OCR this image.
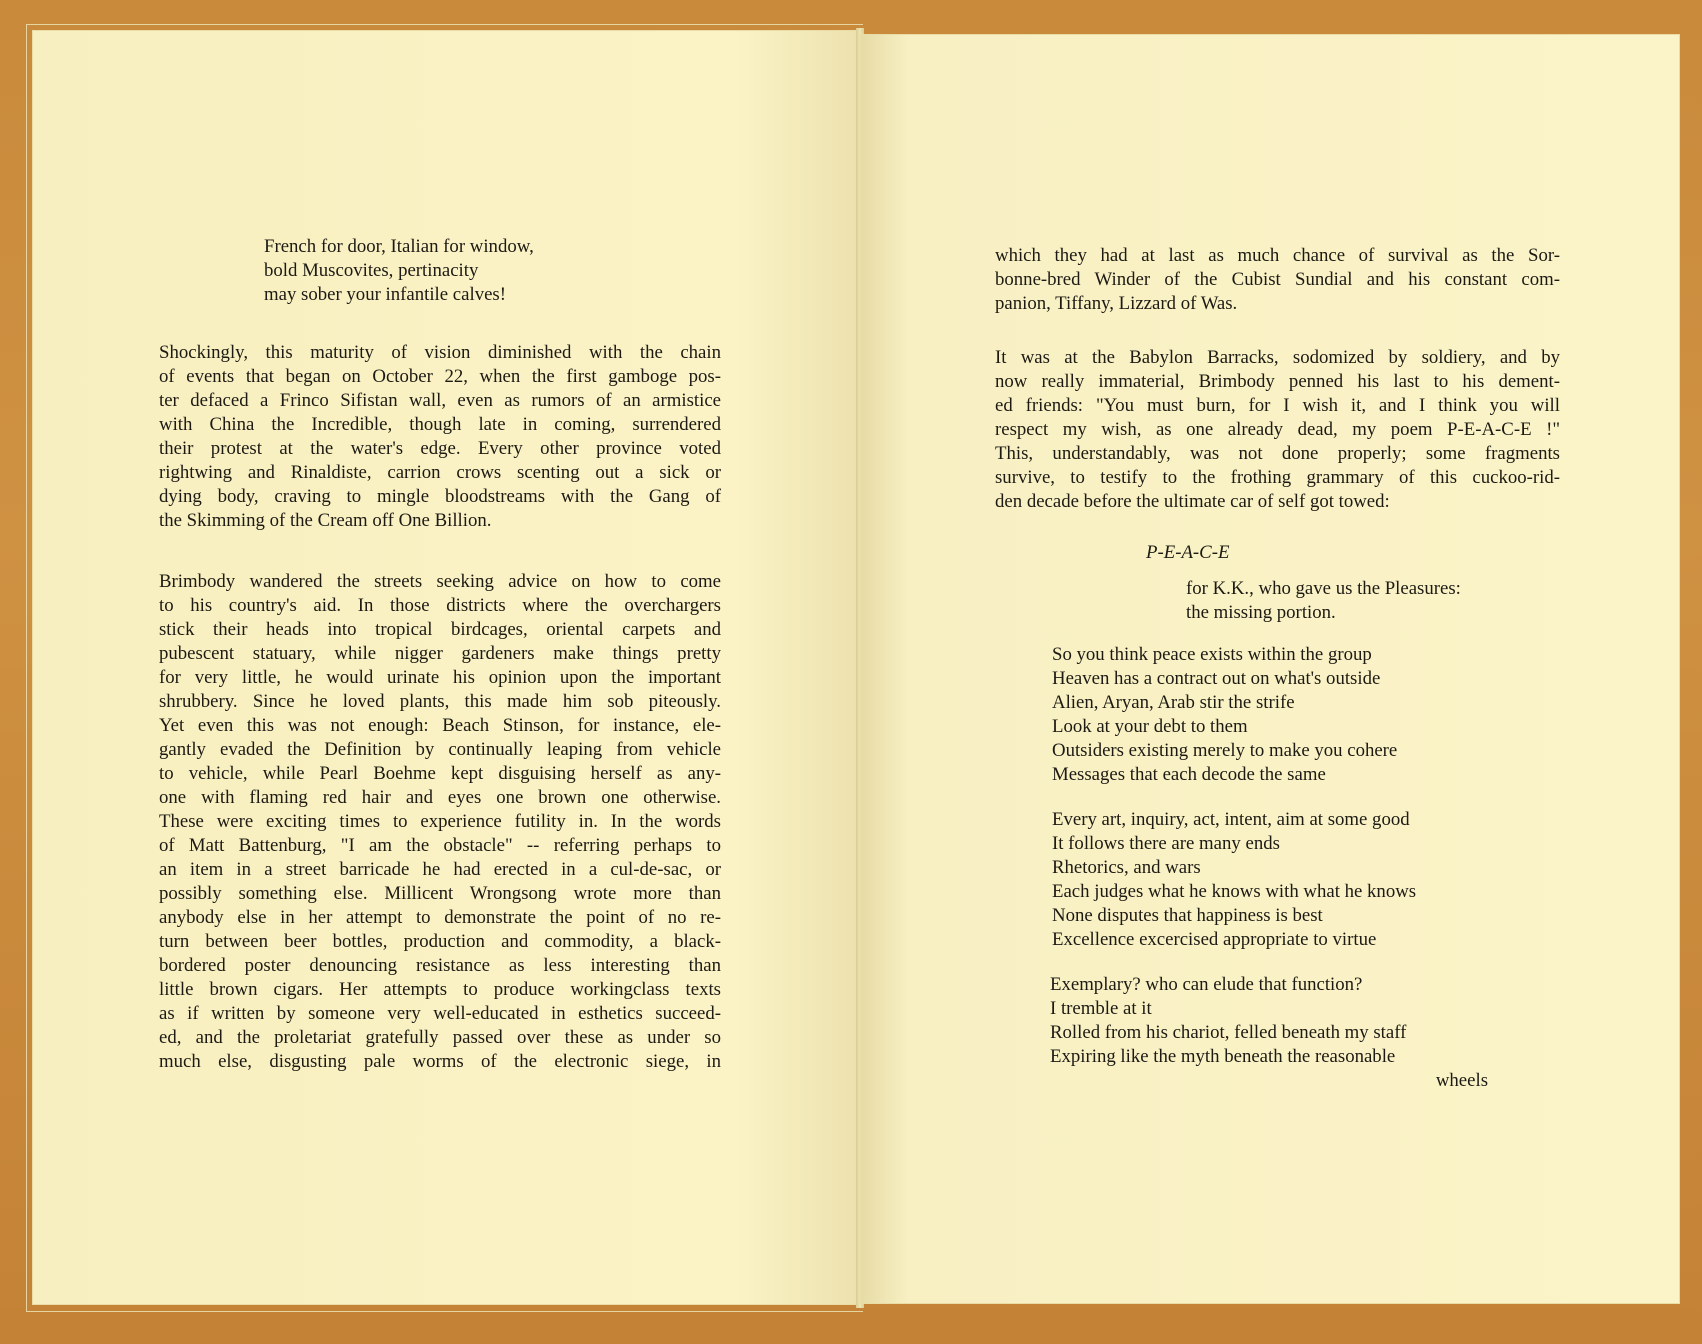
French for door, Italian for window,

bold Muscovites, pertinacity

may sober your infantile calves!

Shockingly, this maturity of vision diminished with the chain

of events that began on October 22, when the first gamboge pos-

ter defaced a Frinco Sifistan wall, even as rumors of an armistice

with China the Incredible, though late in coming, surrendered

their protest at the water's edge. Every other province voted

rightwing and Rinaldiste, carrion crows scenting out a sick or

dying body, craving to mingle bloodstreams with the Gang of

the Skimming of the Cream off One Billion.

Brimbody wandered the streets seeking advice on how to come

to his country's aid. In those districts where the overchargers

stick their heads into tropical birdcages, oriental carpets and

pubescent statuary, while nigger gardeners make things pretty

for very little, he would urinate his opinion upon the important

shrubbery. Since he loved plants, this made him sob piteously.

Yet even this was not enough: Beach Stinson, for instance, ele-

gantly evaded the Definition by continually leaping from vehicle

to vehicle, while Pearl Boehme kept disguising herself as any-

one with flaming red hair and eyes one brown one otherwise.

These were exciting times to experience futility in. In the words

of Matt Battenburg, "I am the obstacle" -- referring perhaps to

an item in a street barricade he had erected in a cul-de-sac, or

possibly something else. Millicent Wrongsong wrote more than

anybody else in her attempt to demonstrate the point of no re-

turn between beer bottles, production and commodity, a black-

bordered poster denouncing resistance as less interesting than

little brown cigars. Her attempts to produce workingclass texts

as if written by someone very well-educated in esthetics succeed-

ed, and the proletariat gratefully passed over these as under so

much else, disgusting pale worms of the electronic siege, in

which they had at last as much chance of survival as the Sor-

bonne-bred Winder of the Cubist Sundial and his constant com-

panion, Tiffany, Lizzard of Was.

It was at the Babylon Barracks, sodomized by soldiery, and by

now really immaterial, Brimbody penned his last to his dement-

ed friends: "You must burn, for I wish it, and I think you will

respect my wish, as one already dead, my poem P-E-A-C-E !"

This, understandably, was not done properly; some fragments

survive, to testify to the frothing grammary of this cuckoo-rid-

den decade before the ultimate car of self got towed:

P-E-A-C-E

for K.K., who gave us the Pleasures:

the missing portion.

So you think peace exists within the group

Heaven has a contract out on what's outside

Alien, Aryan, Arab stir the strife

Look at your debt to them

Outsiders existing merely to make you cohere

Messages that each decode the same

Every art, inquiry, act, intent, aim at some good

It follows there are many ends

Rhetorics, and wars

Each judges what he knows with what he knows

None disputes that happiness is best

Excellence excercised appropriate to virtue

Exemplary? who can elude that function?

I tremble at it

Rolled from his chariot, felled beneath my staff

Expiring like the myth beneath the reasonable

wheels
